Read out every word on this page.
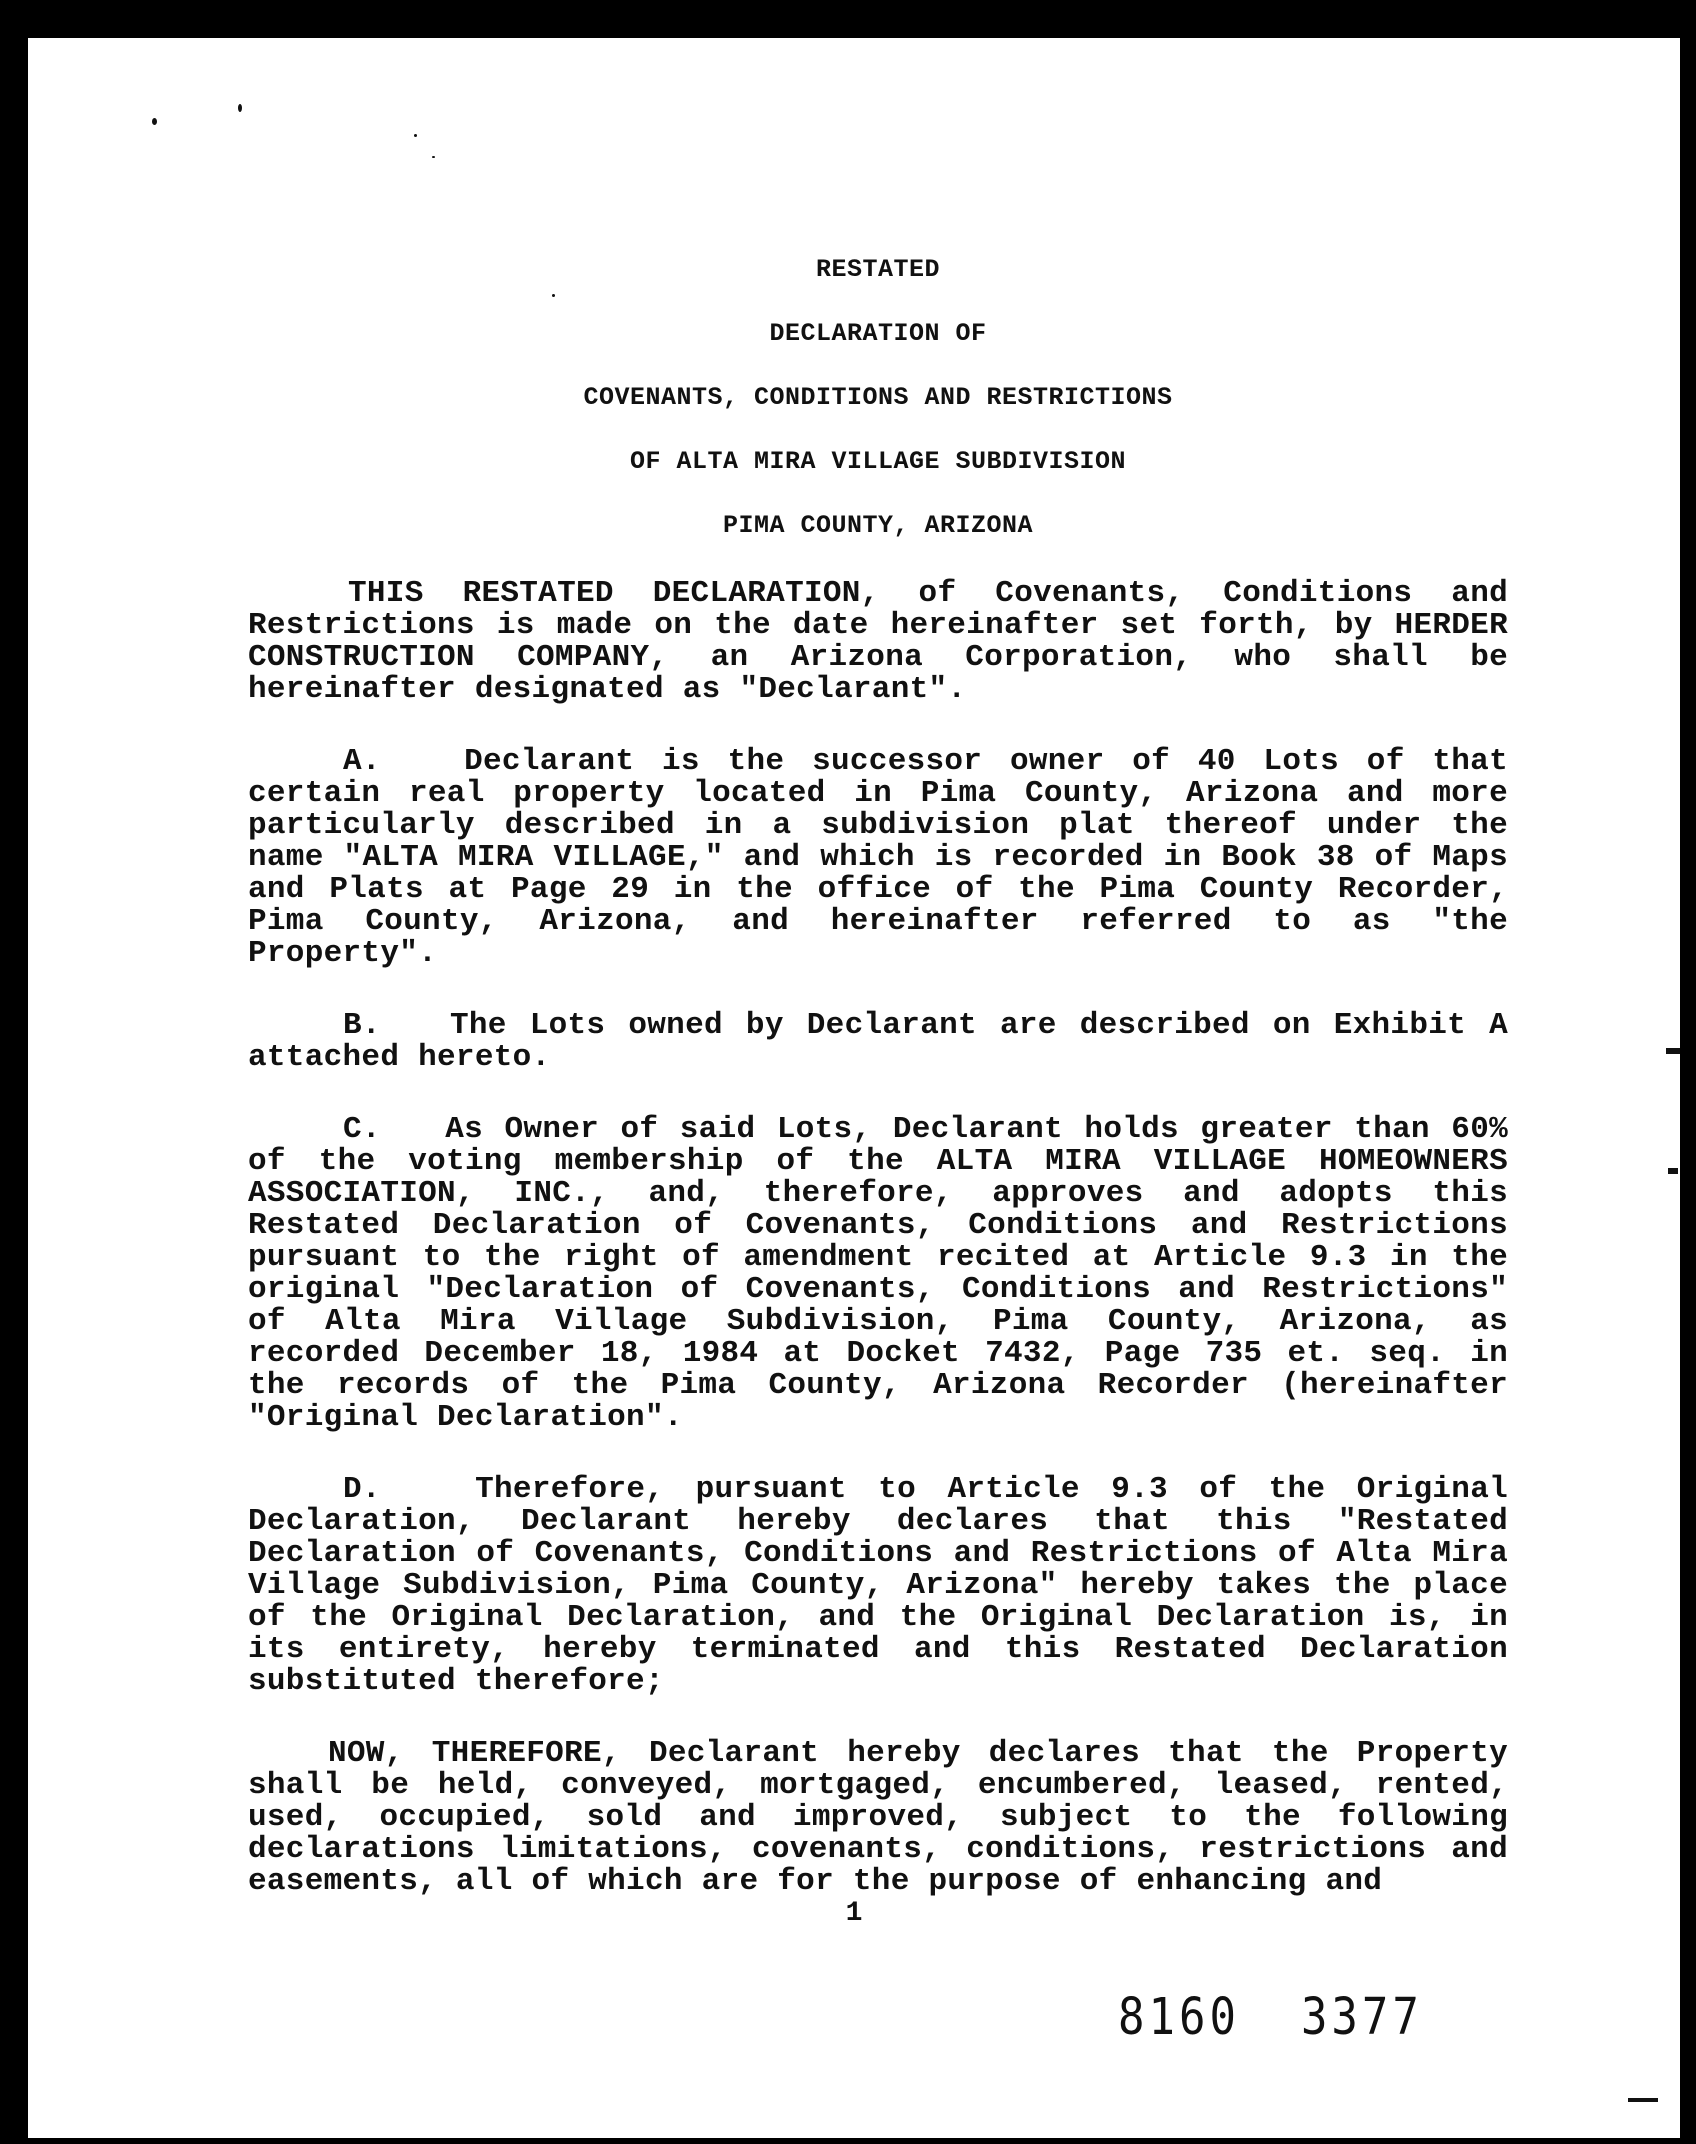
RESTATED

DECLARATION OF

COVENANTS, CONDITIONS AND RESTRICTIONS

OF ALTA MIRA VILLAGE SUBDIVISION

PIMA COUNTY, ARIZONA

THIS RESTATED DECLARATION, of Covenants, Conditions and Restrictions is made on the date hereinafter set forth, by HERDER CONSTRUCTION COMPANY, an Arizona Corporation, who shall be hereinafter designated as "Declarant".

A.	Declarant is the successor owner of 40 Lots of that certain real property located in Pima County, Arizona and more particularly described in a subdivision plat thereof under the name "ALTA MIRA VILLAGE," and which is recorded in Book 38 of Maps and Plats at Page 29 in the office of the Pima County Recorder, Pima County, Arizona, and hereinafter referred to as "the Property".

B. The Lots owned by Declarant are described on Exhibit A attached hereto.

C. As Owner of said Lots, Declarant holds greater than 60% of the voting membership of the ALTA MIRA VILLAGE HOMEOWNERS ASSOCIATION, INC., and, therefore, approves and adopts this Restated Declaration of Covenants, Conditions and Restrictions pursuant to the right of amendment recited at Article 9.3 in the original "Declaration of Covenants, Conditions and Restrictions" of Alta Mira Village Subdivision, Pima County, Arizona, as recorded December 18, 1984 at Docket 7432, Page 735 et. seq. in the records of the Pima County, Arizona Recorder (hereinafter "Original Declaration".

D.	Therefore, pursuant to Article 9.3 of the Original Declaration, Declarant hereby declares that this "Restated Declaration of Covenants, Conditions and Restrictions of Alta Mira Village Subdivision, Pima County, Arizona" hereby takes the place of the Original Declaration, and the Original Declaration is, in its entirety, hereby terminated and this Restated Declaration substituted therefore;

NOW, THEREFORE, Declarant hereby declares that the Property shall be held, conveyed, mortgaged, encumbered, leased, rented, used, occupied, sold and improved, subject to the following declarations limitations, covenants, conditions, restrictions and easements, all of which are for the purpose of enhancing and

1
8160  3377
